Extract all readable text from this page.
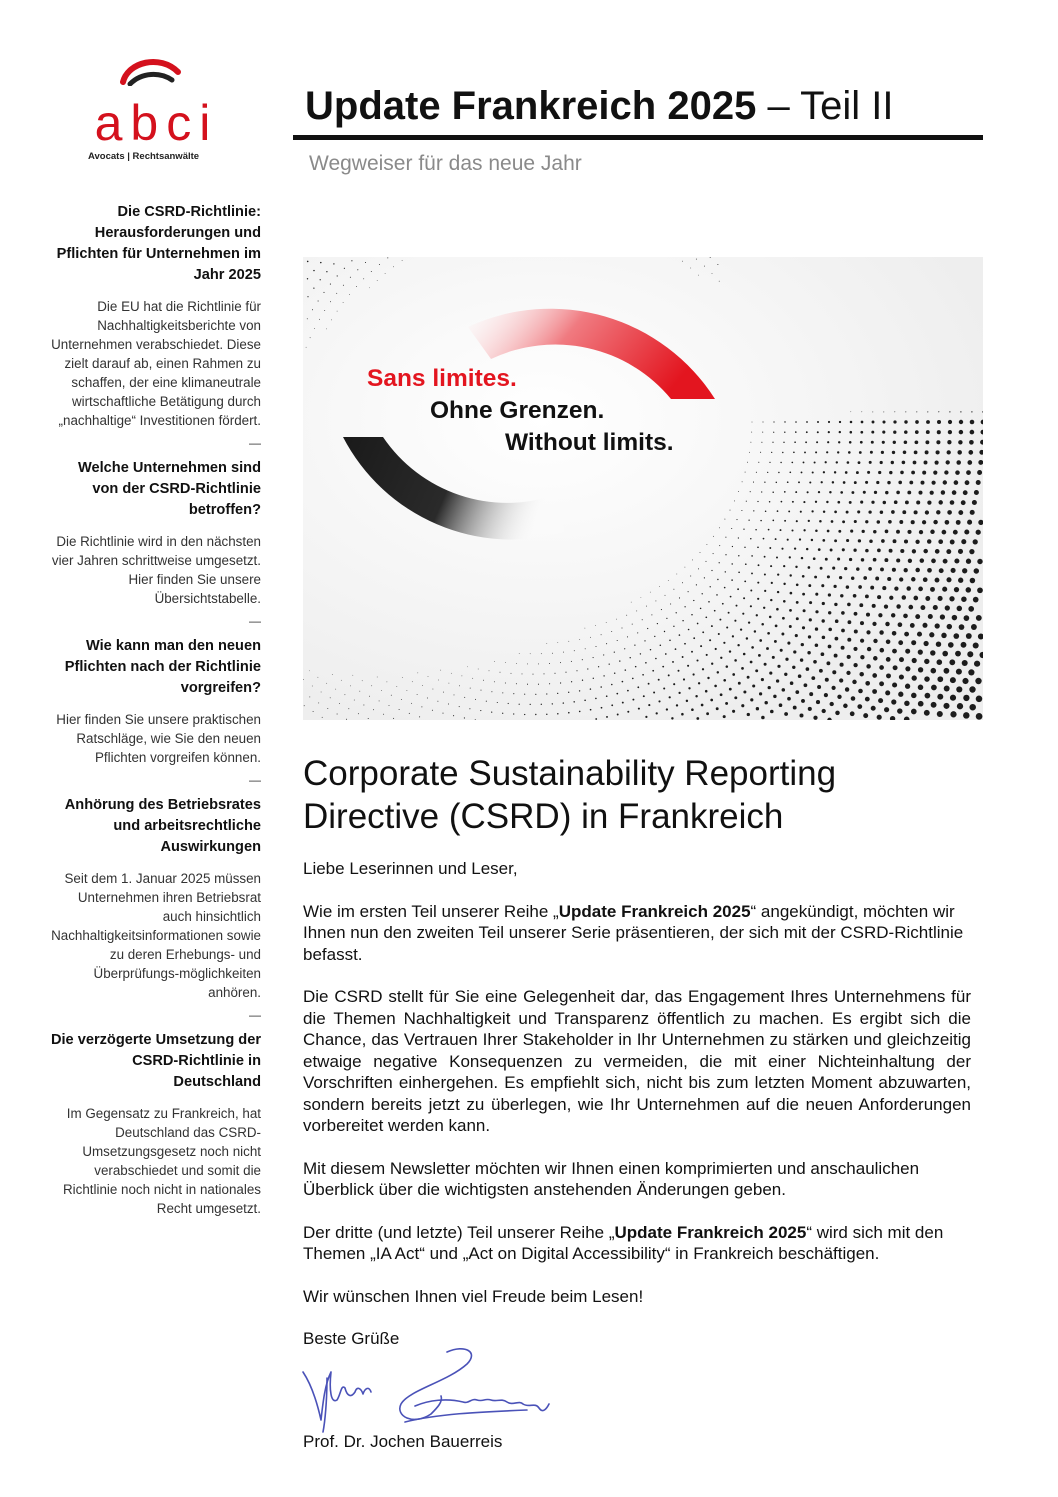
abci
Avocats | Rechtsanwälte
Update Frankreich 2025 – Teil II
Wegweiser für das neue Jahr
Die CSRD-Richtlinie: Herausforderungen und Pflichten für Unternehmen im Jahr 2025
Die EU hat die Richtlinie für Nachhaltigkeitsberichte von Unternehmen verabschiedet. Diese zielt darauf ab, einen Rahmen zu schaffen, der eine klimaneutrale wirtschaftliche Betätigung durch „nachhaltige“ Investitionen fördert.
—
Welche Unternehmen sind von der CSRD-Richtlinie betroffen?
Die Richtlinie wird in den nächsten vier Jahren schrittweise umgesetzt. Hier finden Sie unsere Übersichtstabelle.
—
Wie kann man den neuen Pflichten nach der Richtlinie vorgreifen?
Hier finden Sie unsere praktischen Ratschläge, wie Sie den neuen Pflichten vorgreifen können.
—
Anhörung des Betriebsrates und arbeitsrechtliche Auswirkungen
Seit dem 1. Januar 2025 müssen Unternehmen ihren Betriebsrat auch hinsichtlich Nachhaltigkeitsinformationen sowie zu deren Erhebungs- und Überprüfungs-möglichkeiten anhören.
—
Die verzögerte Umsetzung der CSRD-Richtlinie in Deutschland
Im Gegensatz zu Frankreich, hat Deutschland das CSRD-Umsetzungsgesetz noch nicht verabschiedet und somit die Richtlinie noch nicht in nationales Recht umgesetzt.
Sans limites.
Ohne Grenzen.
Without limits.
Corporate Sustainability Reporting Directive (CSRD) in Frankreich

Liebe Leserinnen und Leser,

Wie im ersten Teil unserer Reihe „Update Frankreich 2025“ angekündigt, möchten wir Ihnen nun den zweiten Teil unserer Serie präsentieren, der sich mit der CSRD-Richtlinie befasst.

Die CSRD stellt für Sie eine Gelegenheit dar, das Engagement Ihres Unternehmens für die Themen Nachhaltigkeit und Transparenz öffentlich zu machen. Es ergibt sich die Chance, das Vertrauen Ihrer Stakeholder in Ihr Unternehmen zu stärken und gleichzeitig etwaige negative Konsequenzen zu vermeiden, die mit einer Nichteinhaltung der Vorschriften einhergehen. Es empfiehlt sich, nicht bis zum letzten Moment abzuwarten, sondern bereits jetzt zu überlegen, wie Ihr Unternehmen auf die neuen Anforderungen vorbereitet werden kann.

Mit diesem Newsletter möchten wir Ihnen einen komprimierten und anschaulichen Überblick über die wichtigsten anstehenden Änderungen geben.

Der dritte (und letzte) Teil unserer Reihe „Update Frankreich 2025“ wird sich mit den Themen „IA Act“ und „Act on Digital Accessibility“ in Frankreich beschäftigen.

Wir wünschen Ihnen viel Freude beim Lesen!

Beste Grüße

Prof. Dr. Jochen Bauerreis
